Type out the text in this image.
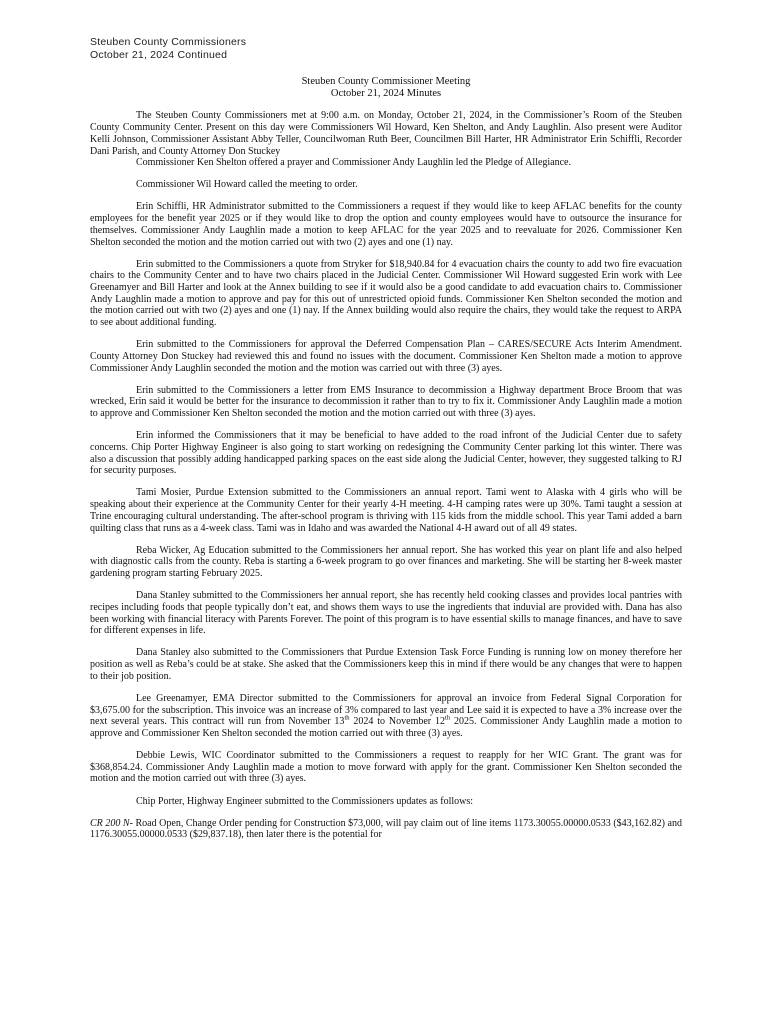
Steuben County Commissioners
October 21, 2024 Continued
Steuben County Commissioner Meeting
October 21, 2024 Minutes

The Steuben County Commissioners met at 9:00 a.m. on Monday, October 21, 2024, in the Commissioner’s Room of the Steuben County Community Center. Present on this day were Commissioners Wil Howard, Ken Shelton, and Andy Laughlin. Also present were Auditor Kelli Johnson, Commissioner Assistant Abby Teller, Councilwoman Ruth Beer, Councilmen Bill Harter, HR Administrator Erin Schiffli, Recorder Dani Parish, and County Attorney Don Stuckey

Commissioner Ken Shelton offered a prayer and Commissioner Andy Laughlin led the Pledge of Allegiance.

Commissioner Wil Howard called the meeting to order.

Erin Schiffli, HR Administrator submitted to the Commissioners a request if they would like to keep AFLAC benefits for the county employees for the benefit year 2025 or if they would like to drop the option and county employees would have to outsource the insurance for themselves. Commissioner Andy Laughlin made a motion to keep AFLAC for the year 2025 and to reevaluate for 2026. Commissioner Ken Shelton seconded the motion and the motion carried out with two (2) ayes and one (1) nay.

Erin submitted to the Commissioners a quote from Stryker for $18,940.84 for 4 evacuation chairs the county to add two fire evacuation chairs to the Community Center and to have two chairs placed in the Judicial Center. Commissioner Wil Howard suggested Erin work with Lee Greenamyer and Bill Harter and look at the Annex building to see if it would also be a good candidate to add evacuation chairs to. Commissioner Andy Laughlin made a motion to approve and pay for this out of unrestricted opioid funds. Commissioner Ken Shelton seconded the motion and the motion carried out with two (2) ayes and one (1) nay. If the Annex building would also require the chairs, they would take the request to ARPA to see about additional funding.

Erin submitted to the Commissioners for approval the Deferred Compensation Plan – CARES/SECURE Acts Interim Amendment. County Attorney Don Stuckey had reviewed this and found no issues with the document. Commissioner Ken Shelton made a motion to approve Commissioner Andy Laughlin seconded the motion and the motion was carried out with three (3) ayes.

Erin submitted to the Commissioners a letter from EMS Insurance to decommission a Highway department Broce Broom that was wrecked, Erin said it would be better for the insurance to decommission it rather than to try to fix it. Commissioner Andy Laughlin made a motion to approve and Commissioner Ken Shelton seconded the motion and the motion carried out with three (3) ayes.

Erin informed the Commissioners that it may be beneficial to have added to the road infront of the Judicial Center due to safety concerns. Chip Porter Highway Engineer is also going to start working on redesigning the Community Center parking lot this winter. There was also a discussion that possibly adding handicapped parking spaces on the east side along the Judicial Center, however, they suggested talking to RJ for security purposes.

Tami Mosier, Purdue Extension submitted to the Commissioners an annual report. Tami went to Alaska with 4 girls who will be speaking about their experience at the Community Center for their yearly 4-H meeting. 4-H camping rates were up 30%. Tami taught a session at Trine encouraging cultural understanding. The after-school program is thriving with 115 kids from the middle school. This year Tami added a barn quilting class that runs as a 4-week class. Tami was in Idaho and was awarded the National 4-H award out of all 49 states.

Reba Wicker, Ag Education submitted to the Commissioners her annual report. She has worked this year on plant life and also helped with diagnostic calls from the county. Reba is starting a 6-week program to go over finances and marketing. She will be starting her 8-week master gardening program starting February 2025.

Dana Stanley submitted to the Commissioners her annual report, she has recently held cooking classes and provides local pantries with recipes including foods that people typically don’t eat, and shows them ways to use the ingredients that induvial are provided with. Dana has also been working with financial literacy with Parents Forever. The point of this program is to have essential skills to manage finances, and have to save for different expenses in life.

Dana Stanley also submitted to the Commissioners that Purdue Extension Task Force Funding is running low on money therefore her position as well as Reba’s could be at stake. She asked that the Commissioners keep this in mind if there would be any changes that were to happen to their job position.

Lee Greenamyer, EMA Director submitted to the Commissioners for approval an invoice from Federal Signal Corporation for $3,675.00 for the subscription. This invoice was an increase of 3% compared to last year and Lee said it is expected to have a 3% increase over the next several years. This contract will run from November 13th 2024 to November 12th 2025. Commissioner Andy Laughlin made a motion to approve and Commissioner Ken Shelton seconded the motion carried out with three (3) ayes.

Debbie Lewis, WIC Coordinator submitted to the Commissioners a request to reapply for her WIC Grant. The grant was for $368,854.24. Commissioner Andy Laughlin made a motion to move forward with apply for the grant. Commissioner Ken Shelton seconded the motion and the motion carried out with three (3) ayes.

Chip Porter, Highway Engineer submitted to the Commissioners updates as follows:

CR 200 N- Road Open, Change Order pending for Construction $73,000, will pay claim out of line items 1173.30055.00000.0533 ($43,162.82) and 1176.30055.00000.0533 ($29,837.18), then later there is the potential for
